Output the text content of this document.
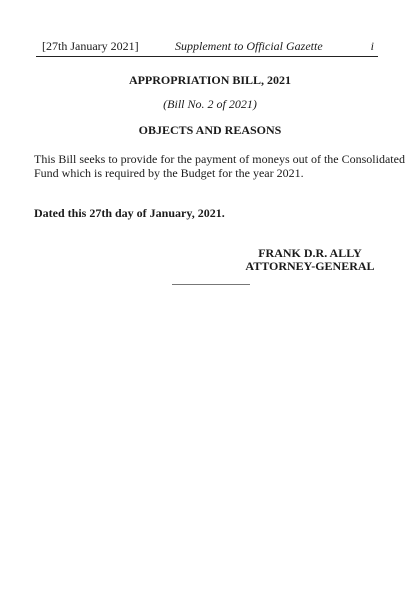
[27th January 2021]	Supplement to Official Gazette	i
APPROPRIATION BILL, 2021
(Bill No. 2 of 2021)
OBJECTS AND REASONS
This Bill seeks to provide for the payment of moneys out of the Consolidated
Fund which is required by the Budget for the year 2021.
Dated this 27th day of January, 2021.
FRANK D.R. ALLY
ATTORNEY-GENERAL
